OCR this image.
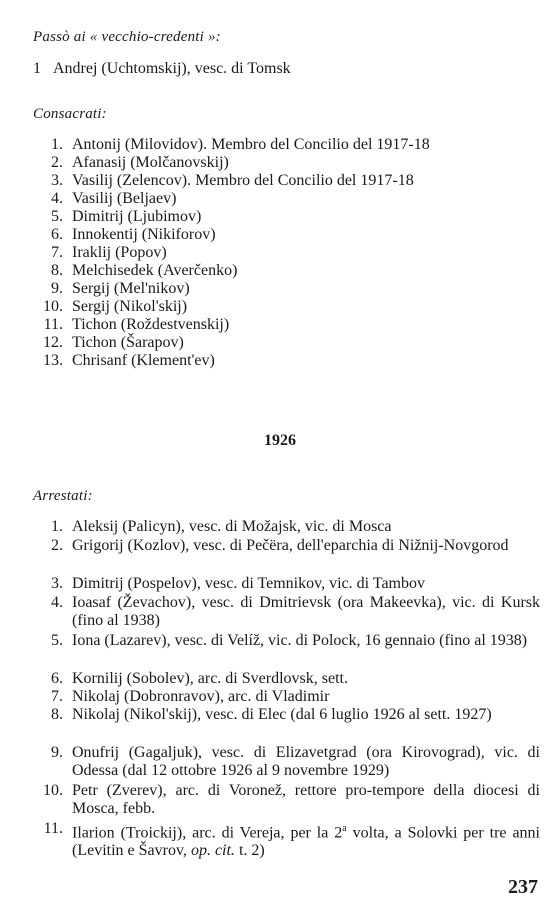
Passò ai « vecchio-credenti »:
1 Andrej (Uchtomskij), vesc. di Tomsk
Consacrati:
1. Antonij (Milovidov). Membro del Concilio del 1917-18
2. Afanasij (Molčanovskij)
3. Vasilij (Zelencov). Membro del Concilio del 1917-18
4. Vasilij (Beljaev)
5. Dimitrij (Ljubimov)
6. Innokentij (Nikiforov)
7. Iraklij (Popov)
8. Melchisedek (Averčenko)
9. Sergij (Mel'nikov)
10. Sergij (Nikol'skij)
11. Tichon (Roždestvenskij)
12. Tichon (Šarapov)
13. Chrisanf (Klement'ev)
1926
Arrestati:
1. Aleksij (Palicyn), vesc. di Možajsk, vic. di Mosca
2. Grigorij (Kozlov), vesc. di Pečëra, dell'eparchia di Nižnij-Novgorod
3. Dimitrij (Pospelov), vesc. di Temnikov, vic. di Tambov
4. Ioasaf (Ževachov), vesc. di Dmitrievsk (ora Makeevka), vic. di Kursk (fino al 1938)
5. Iona (Lazarev), vesc. di Velíž, vic. di Polock, 16 gennaio (fino al 1938)
6. Kornilij (Sobolev), arc. di Sverdlovsk, sett.
7. Nikolaj (Dobronravov), arc. di Vladimir
8. Nikolaj (Nikol'skij), vesc. di Elec (dal 6 luglio 1926 al sett. 1927)
9. Onufrij (Gagaljuk), vesc. di Elizavetgrad (ora Kirovograd), vic. di Odessa (dal 12 ottobre 1926 al 9 novembre 1929)
10. Petr (Zverev), arc. di Voronež, rettore pro-tempore della diocesi di Mosca, febb.
11. Ilarion (Troickij), arc. di Vereja, per la 2$^a$ volta, a Solovki per tre anni (Levitin e Šavrov, op. cit. t. 2)
237
